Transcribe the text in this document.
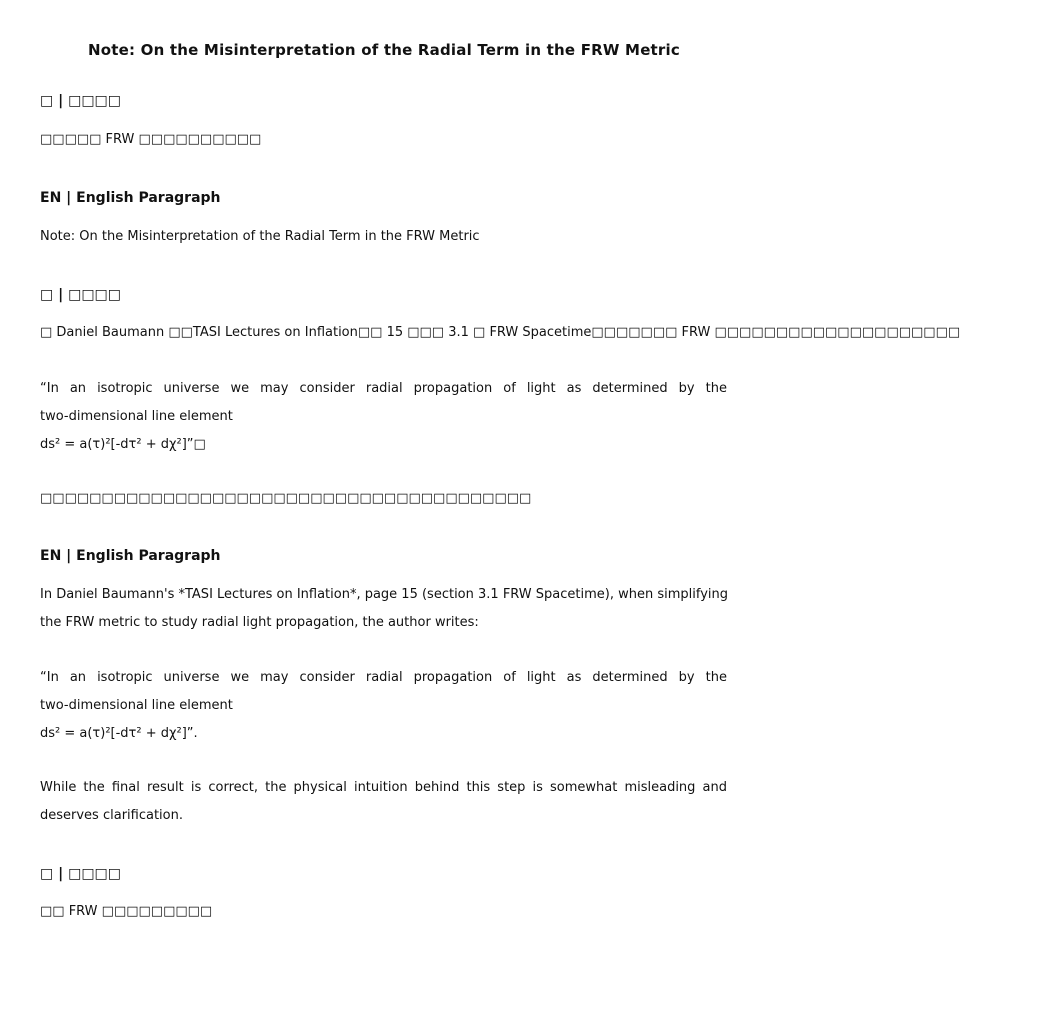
Note: On the Misinterpretation of the Radial Term in the FRW Metric
□ | □□□□
□□□□□ FRW □□□□□□□□□□
EN | English Paragraph
Note: On the Misinterpretation of the Radial Term in the FRW Metric
□ | □□□□
□ Daniel Baumann □□TASI Lectures on Inflation□□ 15 □□□ 3.1 □ FRW Spacetime□□□□□□□ FRW □□□□□□□□□□□□□□□□□□□□
“In an isotropic universe we may consider radial propagation of light as determined by the
two-dimensional line element
ds² = a(τ)²[-dτ² + dχ²]”□
□□□□□□□□□□□□□□□□□□□□□□□□□□□□□□□□□□□□□□□□
EN | English Paragraph
In Daniel Baumann's *TASI Lectures on Inflation*, page 15 (section 3.1 FRW Spacetime), when simplifying
the FRW metric to study radial light propagation, the author writes:
“In an isotropic universe we may consider radial propagation of light as determined by the
two-dimensional line element
ds² = a(τ)²[-dτ² + dχ²]”.
While the final result is correct, the physical intuition behind this step is somewhat misleading and
deserves clarification.
□ | □□□□
□□ FRW □□□□□□□□□
